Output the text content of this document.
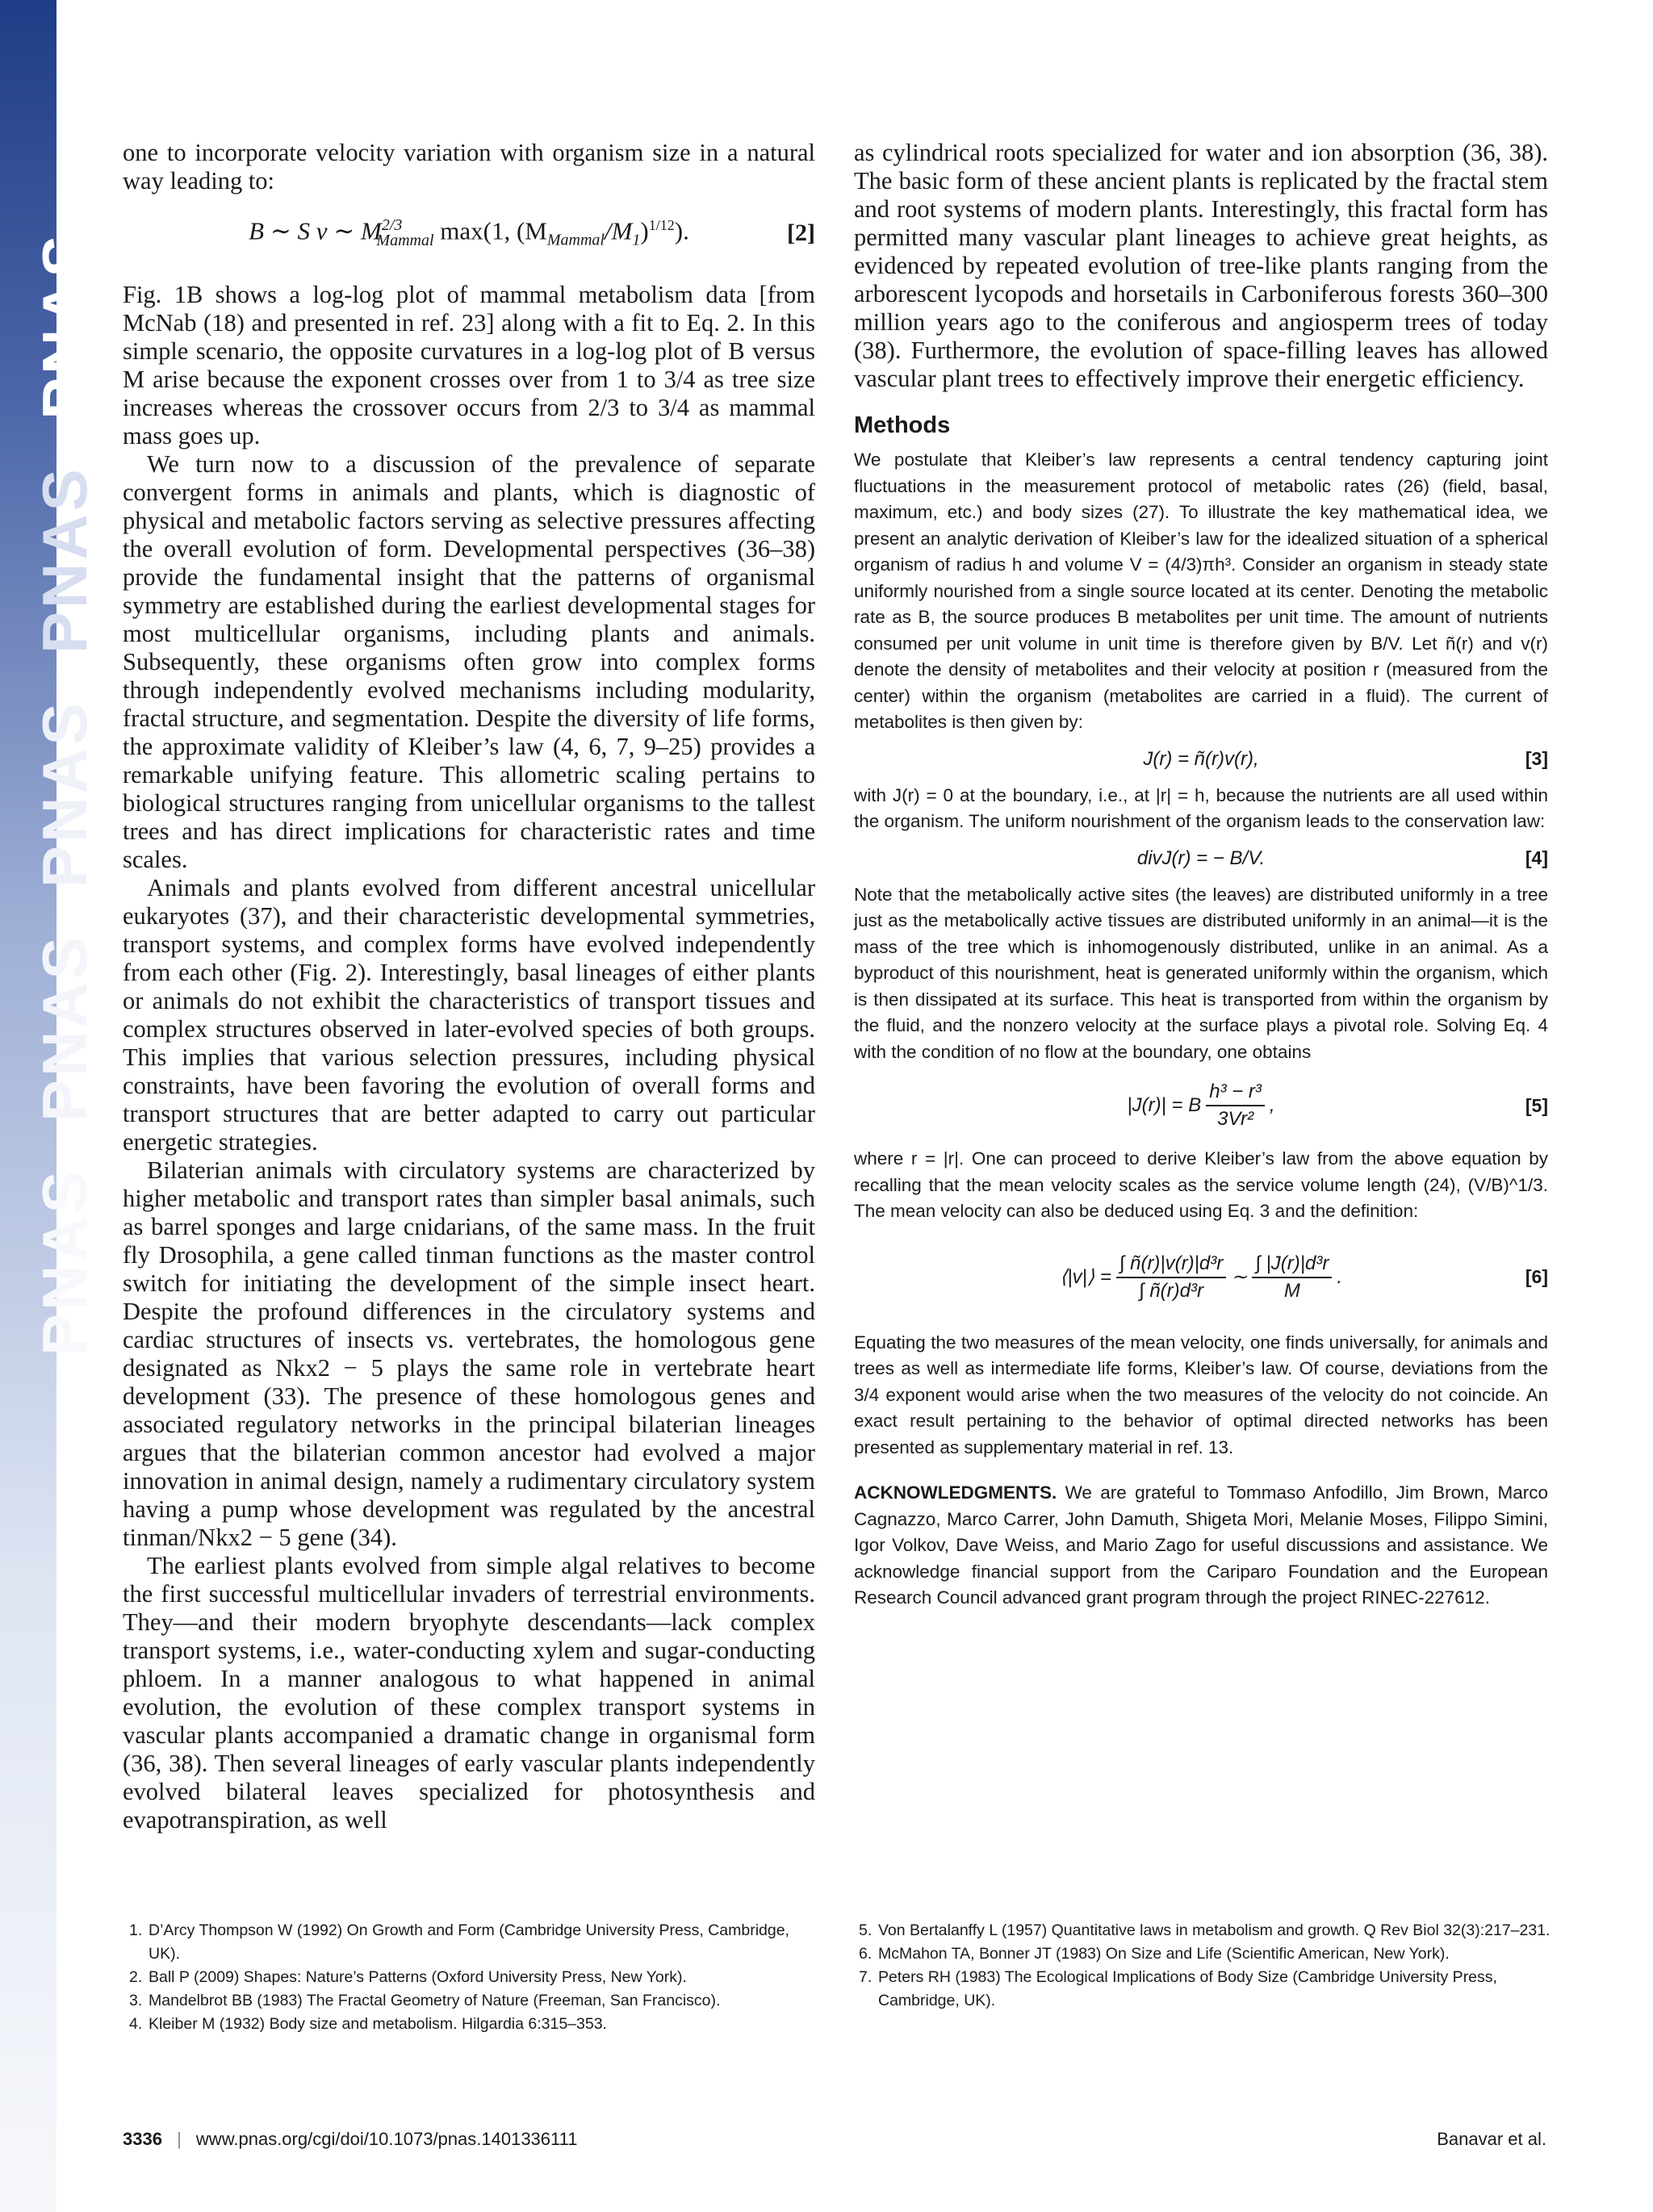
PNAS
PNAS
PNAS
PNAS
PNAS

one to incorporate velocity variation with organism size in a natural way leading to:

B ∼ S v ∼ $M^{2/3}_{Mammal}$ max(1, $(M_{Mammal}/M_1)^{1/12}$).	[2]

Fig. 1B shows a log-log plot of mammal metabolism data [from McNab (18) and presented in ref. 23] along with a fit to Eq. 2. In this simple scenario, the opposite curvatures in a log-log plot of B versus M arise because the exponent crosses over from 1 to 3/4 as tree size increases whereas the crossover occurs from 2/3 to 3/4 as mammal mass goes up.

We turn now to a discussion of the prevalence of separate convergent forms in animals and plants, which is diagnostic of physical and metabolic factors serving as selective pressures affecting the overall evolution of form. Developmental perspectives (36–38) provide the fundamental insight that the patterns of organismal symmetry are established during the earliest developmental stages for most multicellular organisms, including plants and animals. Subsequently, these organisms often grow into complex forms through independently evolved mechanisms including modularity, fractal structure, and segmentation. Despite the diversity of life forms, the approximate validity of Kleiber’s law (4, 6, 7, 9–25) provides a remarkable unifying feature. This allometric scaling pertains to biological structures ranging from unicellular organisms to the tallest trees and has direct implications for characteristic rates and time scales.

Animals and plants evolved from different ancestral unicellular eukaryotes (37), and their characteristic developmental symmetries, transport systems, and complex forms have evolved independently from each other (Fig. 2). Interestingly, basal lineages of either plants or animals do not exhibit the characteristics of transport tissues and complex structures observed in later-evolved species of both groups. This implies that various selection pressures, including physical constraints, have been favoring the evolution of overall forms and transport structures that are better adapted to carry out particular energetic strategies.

Bilaterian animals with circulatory systems are characterized by higher metabolic and transport rates than simpler basal animals, such as barrel sponges and large cnidarians, of the same mass. In the fruit fly Drosophila, a gene called tinman functions as the master control switch for initiating the development of the simple insect heart. Despite the profound differences in the circulatory systems and cardiac structures of insects vs. vertebrates, the homologous gene designated as Nkx2 − 5 plays the same role in vertebrate heart development (33). The presence of these homologous genes and associated regulatory networks in the principal bilaterian lineages argues that the bilaterian common ancestor had evolved a major innovation in animal design, namely a rudimentary circulatory system having a pump whose development was regulated by the ancestral tinman/Nkx2 − 5 gene (34).

The earliest plants evolved from simple algal relatives to become the first successful multicellular invaders of terrestrial environments. They—and their modern bryophyte descendants—lack complex transport systems, i.e., water-conducting xylem and sugar-conducting phloem. In a manner analogous to what happened in animal evolution, the evolution of these complex transport systems in vascular plants accompanied a dramatic change in organismal form (36, 38). Then several lineages of early vascular plants independently evolved bilateral leaves specialized for photosynthesis and evapotranspiration, as well

as cylindrical roots specialized for water and ion absorption (36, 38). The basic form of these ancient plants is replicated by the fractal stem and root systems of modern plants. Interestingly, this fractal form has permitted many vascular plant lineages to achieve great heights, as evidenced by repeated evolution of tree-like plants ranging from the arborescent lycopods and horsetails in Carboniferous forests 360–300 million years ago to the coniferous and angiosperm trees of today (38). Furthermore, the evolution of space-filling leaves has allowed vascular plant trees to effectively improve their energetic efficiency.

Methods

We postulate that Kleiber’s law represents a central tendency capturing joint fluctuations in the measurement protocol of metabolic rates (26) (field, basal, maximum, etc.) and body sizes (27). To illustrate the key mathematical idea, we present an analytic derivation of Kleiber’s law for the idealized situation of a spherical organism of radius h and volume V = (4/3)πh³. Consider an organism in steady state uniformly nourished from a single source located at its center. Denoting the metabolic rate as B, the source produces B metabolites per unit time. The amount of nutrients consumed per unit volume in unit time is therefore given by B/V. Let ñ(r) and v(r) denote the density of metabolites and their velocity at position r (measured from the center) within the organism (metabolites are carried in a fluid). The current of metabolites is then given by:

J(r) = ñ(r)v(r),	[3]

with J(r) = 0 at the boundary, i.e., at |r| = h, because the nutrients are all used within the organism. The uniform nourishment of the organism leads to the conservation law:

divJ(r) = − B/V.	[4]

Note that the metabolically active sites (the leaves) are distributed uniformly in a tree just as the metabolically active tissues are distributed uniformly in an animal—it is the mass of the tree which is inhomogenously distributed, unlike in an animal. As a byproduct of this nourishment, heat is generated uniformly within the organism, which is then dissipated at its surface. This heat is transported from within the organism by the fluid, and the nonzero velocity at the surface plays a pivotal role. Solving Eq. 4 with the condition of no flow at the boundary, one obtains

|J(r)| = B $\frac{\text{h³ − r³}}{\text{3Vr²}}$ ,	[5]

where r = |r|. One can proceed to derive Kleiber’s law from the above equation by recalling that the mean velocity scales as the service volume length (24), (V/B)^1/3. The mean velocity can also be deduced using Eq. 3 and the definition:

⟨|v|⟩ = $\frac{\text{∫ ñ(r)|v(r)|d³r}}{\text{∫ ñ(r)d³r}}$ ∼ $\frac{\text{∫ |J(r)|d³r}}{M}$ .	[6]

Equating the two measures of the mean velocity, one finds universally, for animals and trees as well as intermediate life forms, Kleiber’s law. Of course, deviations from the 3/4 exponent would arise when the two measures of the velocity do not coincide. An exact result pertaining to the behavior of optimal directed networks has been presented as supplementary material in ref. 13.

ACKNOWLEDGMENTS. We are grateful to Tommaso Anfodillo, Jim Brown, Marco Cagnazzo, Marco Carrer, John Damuth, Shigeta Mori, Melanie Moses, Filippo Simini, Igor Volkov, Dave Weiss, and Mario Zago for useful discussions and assistance. We acknowledge financial support from the Cariparo Foundation and the European Research Council advanced grant program through the project RINEC-227612.

1. D’Arcy Thompson W (1992) On Growth and Form (Cambridge University Press, Cambridge, UK).
2. Ball P (2009) Shapes: Nature’s Patterns (Oxford University Press, New York).
3. Mandelbrot BB (1983) The Fractal Geometry of Nature (Freeman, San Francisco).
4. Kleiber M (1932) Body size and metabolism. Hilgardia 6:315–353.
5. Von Bertalanffy L (1957) Quantitative laws in metabolism and growth. Q Rev Biol 32(3):217–231.
6. McMahon TA, Bonner JT (1983) On Size and Life (Scientific American, New York).
7. Peters RH (1983) The Ecological Implications of Body Size (Cambridge University Press, Cambridge, UK).
3336 | www.pnas.org/cgi/doi/10.1073/pnas.1401336111	Banavar et al.
